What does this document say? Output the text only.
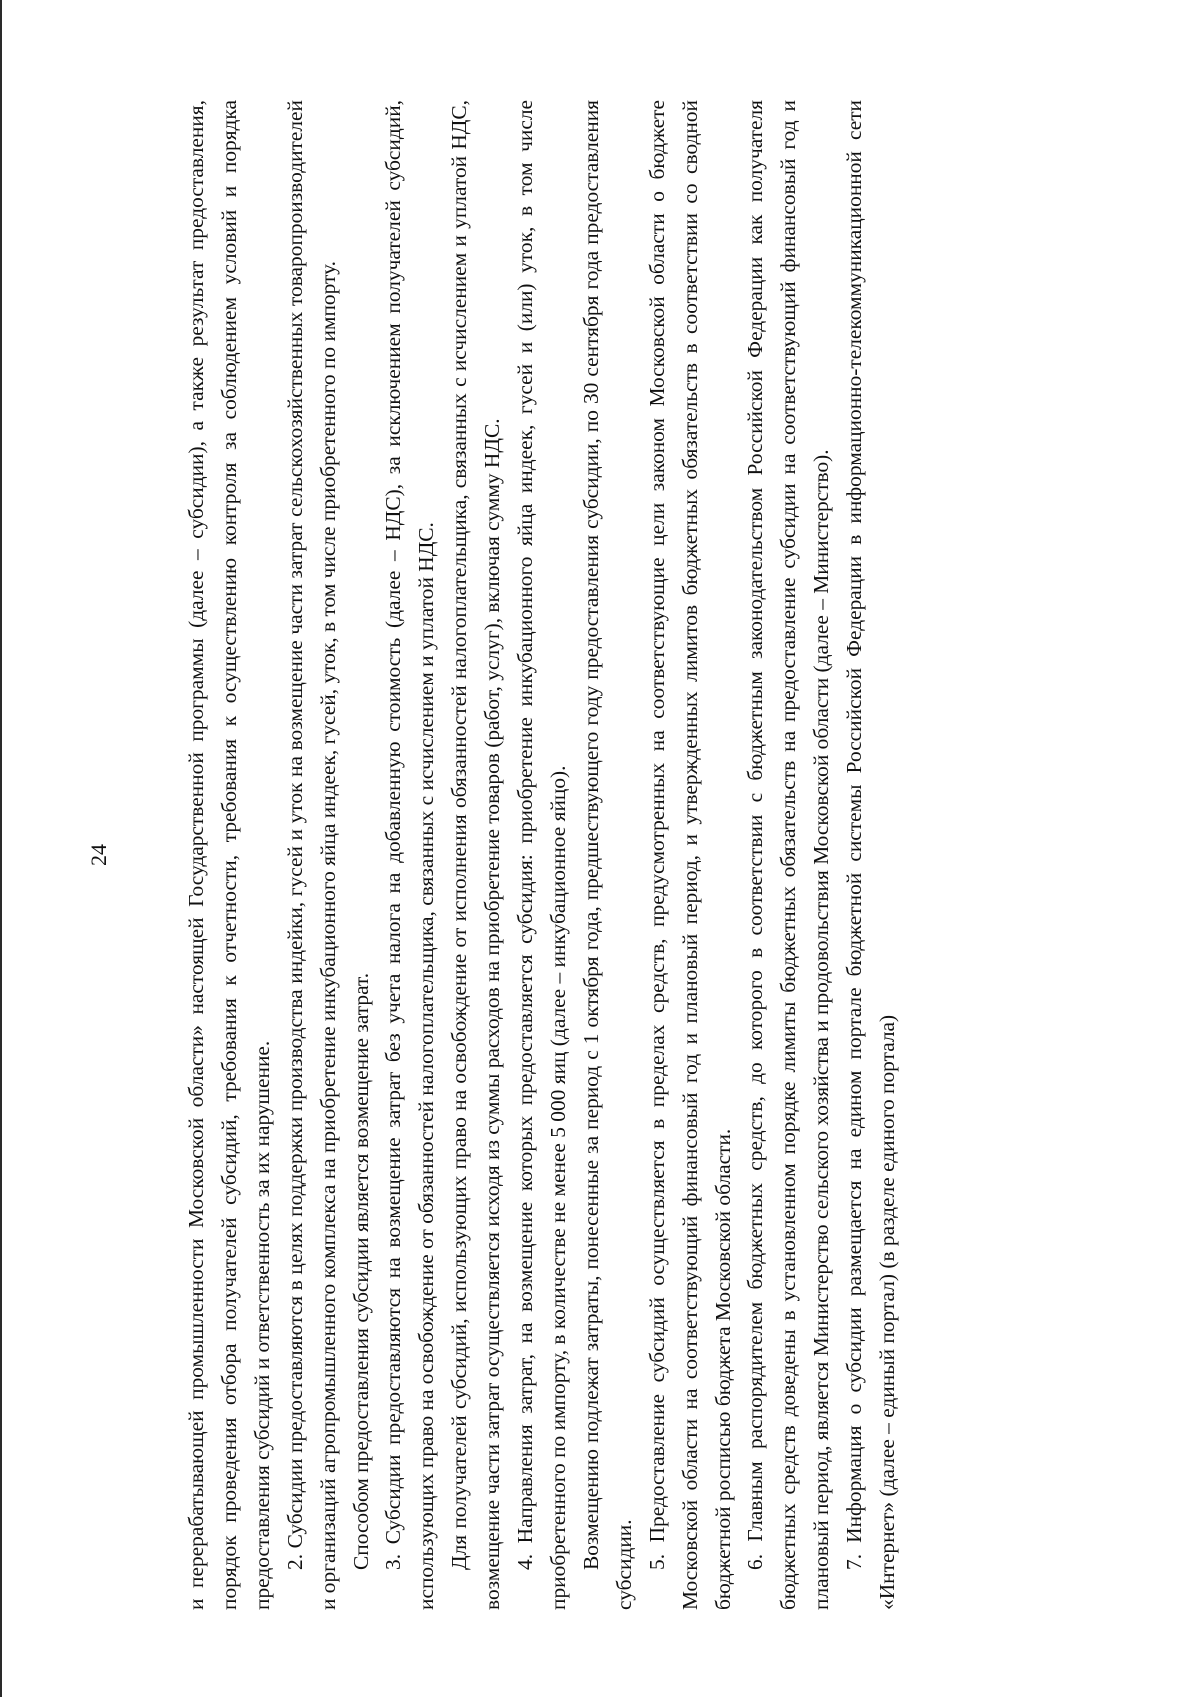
24	и перерабатывающей промышленности Московской области» настоящей Государственной программы (далее – субсидии), а также результат предоставления, порядок проведения отбора получателей субсидий, требования к отчетности, требования к осуществлению контроля за соблюдением условий и порядка предоставления субсидий и ответственность за их нарушение. 2. Субсидии предоставляются в целях поддержки производства индейки, гусей и уток на возмещение части затрат сельскохозяйственных товаропроизводителей и организаций агропромышленного комплекса на приобретение инкубационного яйца индеек, гусей, уток, в том числе приобретенного по импорту. Способом предоставления субсидии является возмещение затрат. 3. Субсидии предоставляются на возмещение затрат без учета налога на добавленную стоимость (далее – НДС), за исключением получателей субсидий, использующих право на освобождение от обязанностей налогоплательщика, связанных с исчислением и уплатой НДС. Для получателей субсидий, использующих право на освобождение от исполнения обязанностей налогоплательщика, связанных с исчислением и уплатой НДС, возмещение части затрат осуществляется исходя из суммы расходов на приобретение товаров (работ, услуг), включая сумму НДС. 4. Направления затрат, на возмещение которых предоставляется субсидия: приобретение инкубационного яйца индеек, гусей и (или) уток, в том числе приобретенного по импорту, в количестве не менее 5 000 яиц (далее – инкубационное яйцо). Возмещению подлежат затраты, понесенные за период с 1 октября года, предшествующего году предоставления субсидии, по 30 сентября года предоставления субсидии. 5. Предоставление субсидий осуществляется в пределах средств, предусмотренных на соответствующие цели законом Московской области о бюджете Московской области на соответствующий финансовый год и плановый период, и утвержденных лимитов бюджетных обязательств в соответствии со сводной бюджетной росписью бюджета Московской области. 6. Главным распорядителем бюджетных средств, до которого в соответствии с бюджетным законодательством Российской Федерации как получателя бюджетных средств доведены в установленном порядке лимиты бюджетных обязательств на предоставление субсидии на соответствующий финансовый год и плановый период, является Министерство сельского хозяйства и продовольствия Московской области (далее – Министерство). 7. Информация о субсидии размещается на едином портале бюджетной системы Российской Федерации в информационно-телекоммуникационной сети «Интернет» (далее – единый портал) (в разделе единого портала)
